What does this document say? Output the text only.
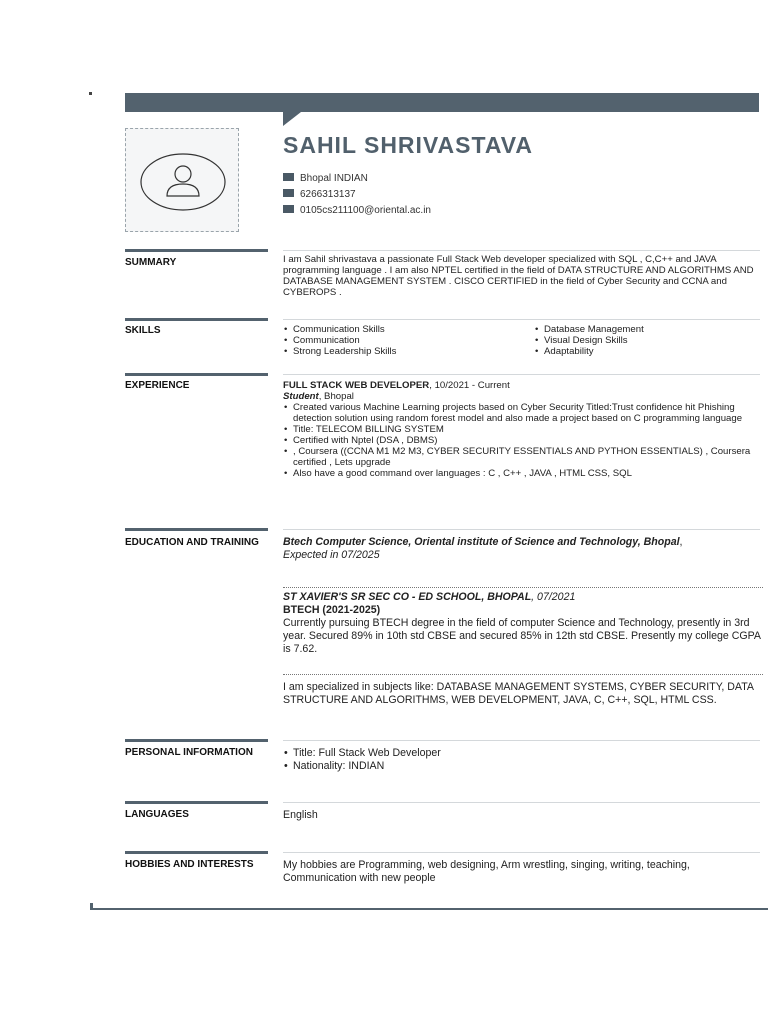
SAHIL SHRIVASTAVA
Bhopal INDIAN
6266313137
0105cs211100@oriental.ac.in
SUMMARY	I am Sahil shrivastava a passionate Full Stack Web developer specialized with SQL , C,C++ and JAVA programming language . I am also NPTEL certified in the field of DATA STRUCTURE AND ALGORITHMS AND DATABASE MANAGEMENT SYSTEM . CISCO CERTIFIED in the field of Cyber Security and CCNA and CYBEROPS .
SKILLS	• Communication Skills
• Communication
• Strong Leadership Skills
• Database Management
• Visual Design Skills
• Adaptability
EXPERIENCE	FULL STACK WEB DEVELOPER, 10/2021 - Current
Student, Bhopal
• Created various Machine Learning projects based on Cyber Security Titled:Trust confidence hit Phishing detection solution using random forest model and also made a project based on C programming language
• Title: TELECOM BILLING SYSTEM
• Certified with Nptel (DSA , DBMS)
• , Coursera ((CCNA M1 M2 M3, CYBER SECURITY ESSENTIALS AND PYTHON ESSENTIALS) , Coursera certified , Lets upgrade
• Also have a good command over languages : C , C++ , JAVA , HTML CSS, SQL
EDUCATION AND TRAINING	Btech Computer Science, Oriental institute of Science and Technology, Bhopal,
Expected in 07/2025
ST XAVIER'S SR SEC CO - ED SCHOOL, BHOPAL, 07/2021
BTECH (2021-2025)
Currently pursuing BTECH degree in the field of computer Science and Technology, presently in 3rd year. Secured 89% in 10th std CBSE and secured 85% in 12th std CBSE. Presently my college CGPA is 7.62.
I am specialized in subjects like: DATABASE MANAGEMENT SYSTEMS, CYBER SECURITY, DATA STRUCTURE AND ALGORITHMS, WEB DEVELOPMENT, JAVA, C, C++, SQL, HTML CSS.
PERSONAL INFORMATION	• Title: Full Stack Web Developer
• Nationality: INDIAN
LANGUAGES	English
HOBBIES AND INTERESTS	My hobbies are Programming, web designing, Arm wrestling, singing, writing, teaching, Communication with new people
